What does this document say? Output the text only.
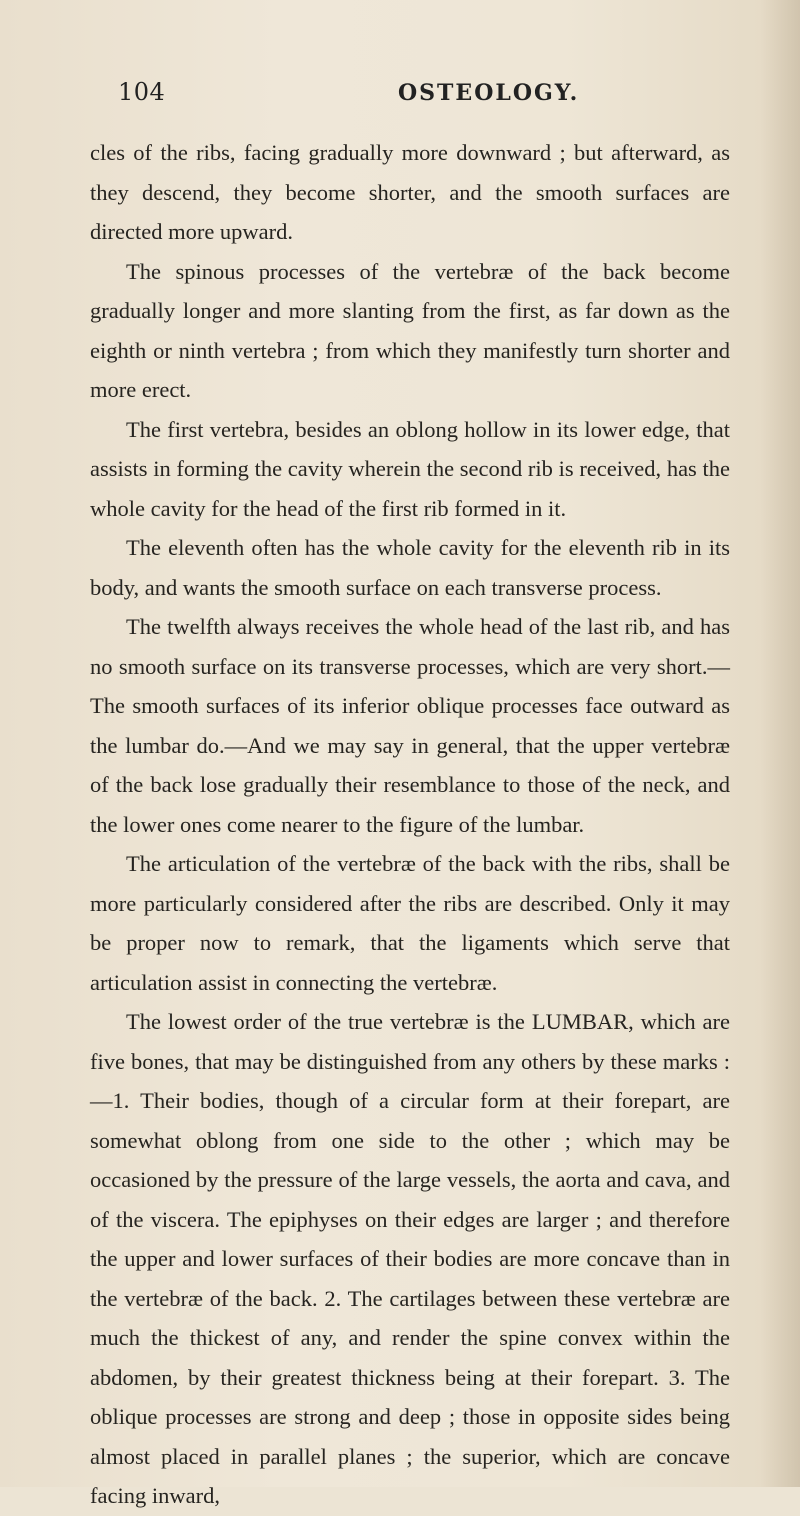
104	OSTEOLOGY.

cles of the ribs, facing gradually more downward ; but afterward, as they descend, they become shorter, and the smooth surfaces are directed more upward.

The spinous processes of the vertebræ of the back become gradually longer and more slanting from the first, as far down as the eighth or ninth vertebra ; from which they manifestly turn shorter and more erect.

The first vertebra, besides an oblong hollow in its lower edge, that assists in forming the cavity wherein the second rib is received, has the whole cavity for the head of the first rib formed in it.

The eleventh often has the whole cavity for the eleventh rib in its body, and wants the smooth surface on each transverse process.

The twelfth always receives the whole head of the last rib, and has no smooth surface on its transverse processes, which are very short.—The smooth surfaces of its inferior oblique processes face outward as the lumbar do.—And we may say in general, that the upper vertebræ of the back lose gradually their resemblance to those of the neck, and the lower ones come nearer to the figure of the lumbar.

The articulation of the vertebræ of the back with the ribs, shall be more particularly considered after the ribs are described. Only it may be proper now to remark, that the ligaments which serve that articulation assist in connecting the vertebræ.

The lowest order of the true vertebræ is the LUMBAR, which are five bones, that may be distinguished from any others by these marks :—1. Their bodies, though of a circular form at their forepart, are somewhat oblong from one side to the other ; which may be occasioned by the pressure of the large vessels, the aorta and cava, and of the viscera. The epiphyses on their edges are larger ; and therefore the upper and lower surfaces of their bodies are more concave than in the vertebræ of the back. 2. The cartilages between these vertebræ are much the thickest of any, and render the spine convex within the abdomen, by their greatest thickness being at their forepart. 3. The oblique processes are strong and deep ; those in opposite sides being almost placed in parallel planes ; the superior, which are concave facing inward,
